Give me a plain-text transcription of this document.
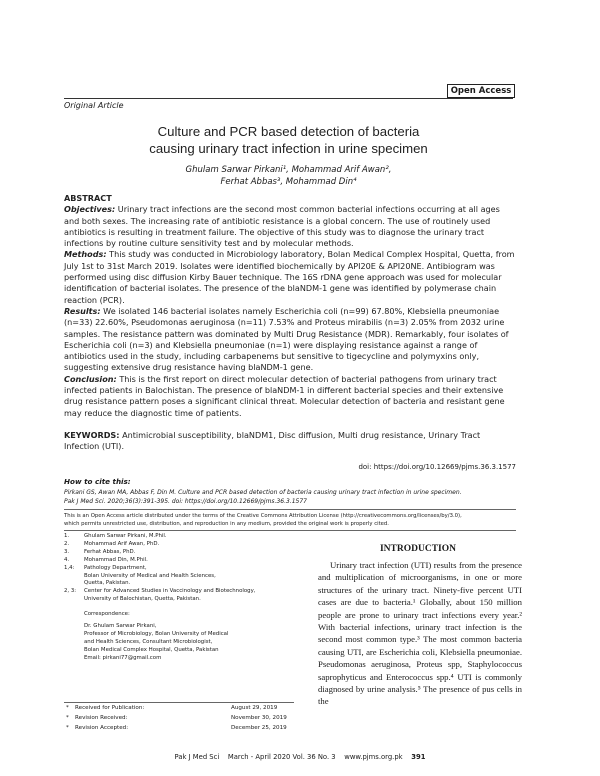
Open Access
Original Article
Culture and PCR based detection of bacteria
causing urinary tract infection in urine specimen
Ghulam Sarwar Pirkani¹, Mohammad Arif Awan²,
Ferhat Abbas³, Mohammad Din⁴

ABSTRACT

Objectives: Urinary tract infections are the second most common bacterial infections occurring at all ages and both sexes. The increasing rate of antibiotic resistance is a global concern. The use of routinely used antibiotics is resulting in treatment failure. The objective of this study was to diagnose the urinary tract infections by routine culture sensitivity test and by molecular methods.

Methods: This study was conducted in Microbiology laboratory, Bolan Medical Complex Hospital, Quetta, from July 1st to 31st March 2019. Isolates were identified biochemically by API20E & API20NE. Antibiogram was performed using disc diffusion Kirby Bauer technique. The 16S rDNA gene approach was used for molecular identification of bacterial isolates. The presence of the blaNDM-1 gene was identified by polymerase chain reaction (PCR).

Results: We isolated 146 bacterial isolates namely Escherichia coli (n=99) 67.80%, Klebsiella pneumoniae (n=33) 22.60%, Pseudomonas aeruginosa (n=11) 7.53% and Proteus mirabilis (n=3) 2.05% from 2032 urine samples. The resistance pattern was dominated by Multi Drug Resistance (MDR). Remarkably, four isolates of Escherichia coli (n=3) and Klebsiella pneumoniae (n=1) were displaying resistance against a range of antibiotics used in the study, including carbapenems but sensitive to tigecycline and polymyxins only, suggesting extensive drug resistance having blaNDM-1 gene.

Conclusion: This is the first report on direct molecular detection of bacterial pathogens from urinary tract infected patients in Balochistan. The presence of blaNDM-1 in different bacterial species and their extensive drug resistance pattern poses a significant clinical threat. Molecular detection of bacteria and resistant gene may reduce the diagnostic time of patients.

KEYWORDS: Antimicrobial susceptibility, blaNDM1, Disc diffusion, Multi drug resistance, Urinary Tract Infection (UTI).

doi: https://doi.org/10.12669/pjms.36.3.1577
How to cite this:
Pirkani GS, Awan MA, Abbas F, Din M. Culture and PCR based detection of bacteria causing urinary tract infection in urine specimen.
Pak J Med Sci. 2020;36(3):391-395. doi: https://doi.org/10.12669/pjms.36.3.1577
This is an Open Access article distributed under the terms of the Creative Commons Attribution License (http://creativecommons.org/licenses/by/3.0),
which permits unrestricted use, distribution, and reproduction in any medium, provided the original work is properly cited.
1.	Ghulam Sarwar Pirkani, M.Phil.
2.	Mohammad Arif Awan, PhD.
3.	Ferhat Abbas, PhD.
4.	Mohammad Din, M.Phil.
1,4:	Pathology Department,
Bolan University of Medical and Health Sciences,
Quetta, Pakistan.
2, 3:	Center for Advanced Studies in Vaccinology and Biotechnology,
University of Balochistan, Quetta, Pakistan.
Correspondence:
Dr. Ghulam Sarwar Pirkani,
Professor of Microbiology, Bolan University of Medical
and Health Sciences, Consultant Microbiologist,
Bolan Medical Complex Hospital, Quetta, Pakistan
Email: pirkani77@gmail.com
*	Received for Publication:	August 29, 2019
*	Revision Received:	November 30, 2019
*	Revision Accepted:	December 25, 2019
INTRODUCTION
Urinary tract infection (UTI) results from the presence and multiplication of microorganisms, in one or more structures of the urinary tract. Ninety-five percent UTI cases are due to bacteria.¹ Globally, about 150 million people are prone to urinary tract infections every year.² With bacterial infections, urinary tract infection is the second most common type.³ The most common bacteria causing UTI, are Escherichia coli, Klebsiella pneumoniae. Pseudomonas aeruginosa, Proteus spp, Staphylococcus saprophyticus and Enterococcus spp.⁴ UTI is commonly diagnosed by urine analysis.⁵ The presence of pus cells in the
Pak J Med Sci March - April 2020 Vol. 36 No. 3 www.pjms.org.pk 391
